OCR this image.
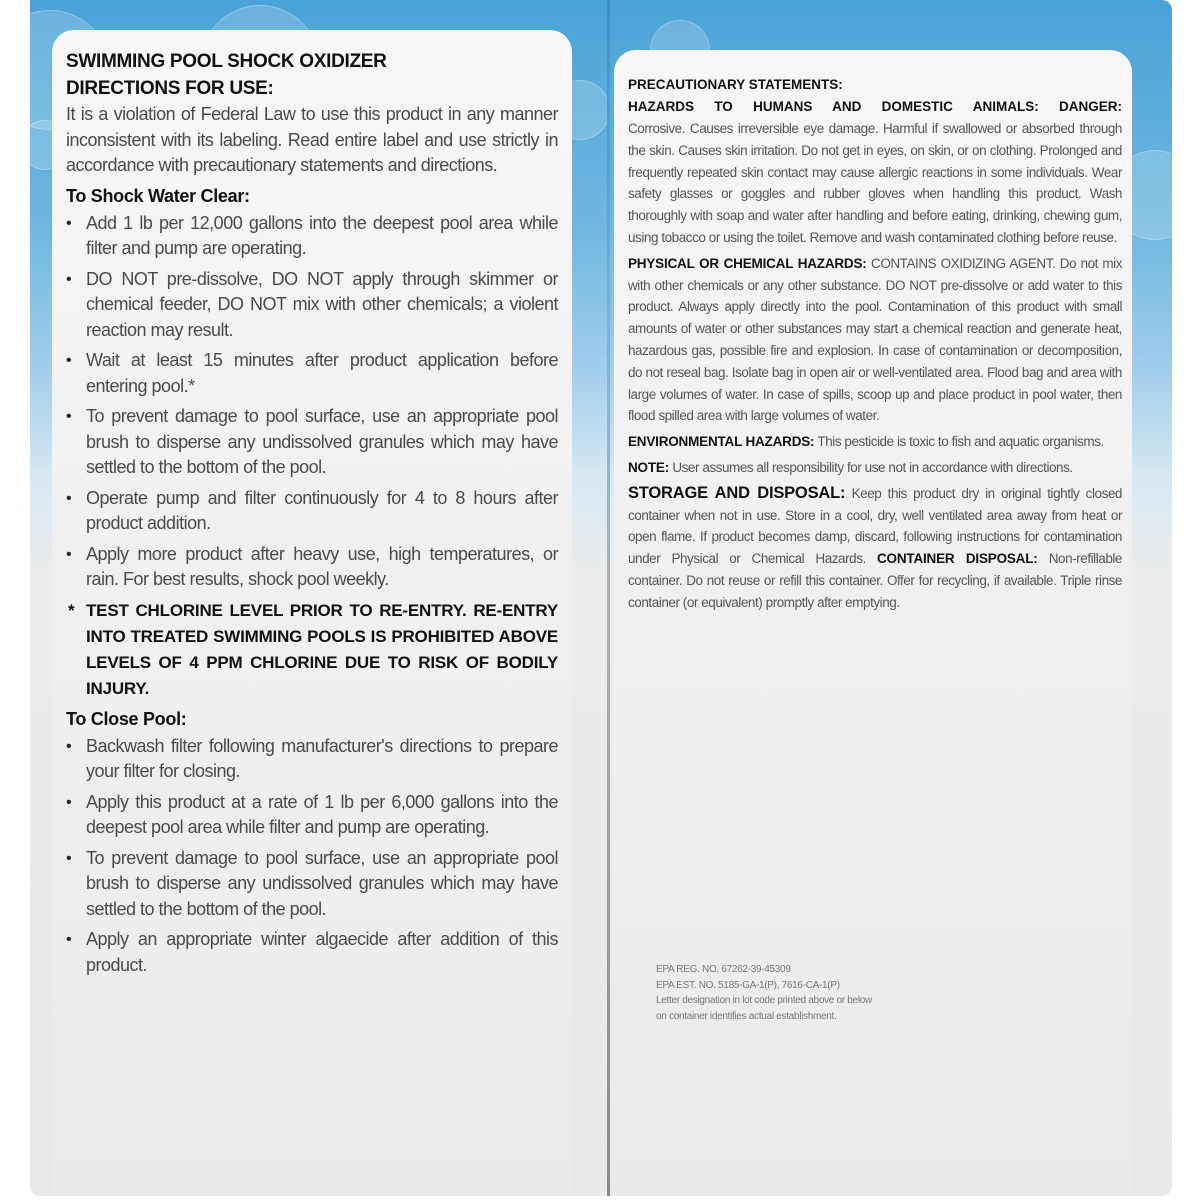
SWIMMING POOL SHOCK OXIDIZER
DIRECTIONS FOR USE:

It is a violation of Federal Law to use this product in any manner inconsistent with its labeling. Read entire label and use strictly in accordance with precautionary statements and directions.

To Shock Water Clear:
• Add 1 lb per 12,000 gallons into the deepest pool area while filter and pump are operating.
• DO NOT pre-dissolve, DO NOT apply through skimmer or chemical feeder, DO NOT mix with other chemicals; a violent reaction may result.
• Wait at least 15 minutes after product application before entering pool.*
• To prevent damage to pool surface, use an appropriate pool brush to disperse any undissolved granules which may have settled to the bottom of the pool.
• Operate pump and filter continuously for 4 to 8 hours after product addition.
• Apply more product after heavy use, high temperatures, or rain. For best results, shock pool weekly.
* TEST CHLORINE LEVEL PRIOR TO RE-ENTRY. RE-ENTRY INTO TREATED SWIMMING POOLS IS PROHIBITED ABOVE LEVELS OF 4 PPM CHLORINE DUE TO RISK OF BODILY INJURY.
To Close Pool:
• Backwash filter following manufacturer's directions to prepare your filter for closing.
• Apply this product at a rate of 1 lb per 6,000 gallons into the deepest pool area while filter and pump are operating.
• To prevent damage to pool surface, use an appropriate pool brush to disperse any undissolved granules which may have settled to the bottom of the pool.
• Apply an appropriate winter algaecide after addition of this product.
PRECAUTIONARY STATEMENTS:
HAZARDS TO HUMANS AND DOMESTIC ANIMALS: DANGER:

Corrosive. Causes irreversible eye damage. Harmful if swallowed or absorbed through the skin. Causes skin irritation. Do not get in eyes, on skin, or on clothing. Prolonged and frequently repeated skin contact may cause allergic reactions in some individuals. Wear safety glasses or goggles and rubber gloves when handling this product. Wash thoroughly with soap and water after handling and before eating, drinking, chewing gum, using tobacco or using the toilet. Remove and wash contaminated clothing before reuse.

PHYSICAL OR CHEMICAL HAZARDS: CONTAINS OXIDIZING AGENT. Do not mix with other chemicals or any other substance. DO NOT pre-dissolve or add water to this product. Always apply directly into the pool. Contamination of this product with small amounts of water or other substances may start a chemical reaction and generate heat, hazardous gas, possible fire and explosion. In case of contamination or decomposition, do not reseal bag. Isolate bag in open air or well-ventilated area. Flood bag and area with large volumes of water. In case of spills, scoop up and place product in pool water, then flood spilled area with large volumes of water.

ENVIRONMENTAL HAZARDS: This pesticide is toxic to fish and aquatic organisms.

NOTE: User assumes all responsibility for use not in accordance with directions.

STORAGE AND DISPOSAL: Keep this product dry in original tightly closed container when not in use. Store in a cool, dry, well ventilated area away from heat or open flame. If product becomes damp, discard, following instructions for contamination under Physical or Chemical Hazards. CONTAINER DISPOSAL: Non-refillable container. Do not reuse or refill this container. Offer for recycling, if available. Triple rinse container (or equivalent) promptly after emptying.

EPA REG. NO. 67262-39-45309
EPA EST. NO. 5185-GA-1(P), 7616-CA-1(P)
Letter designation in lot code printed above or below
on container identifies actual establishment.
